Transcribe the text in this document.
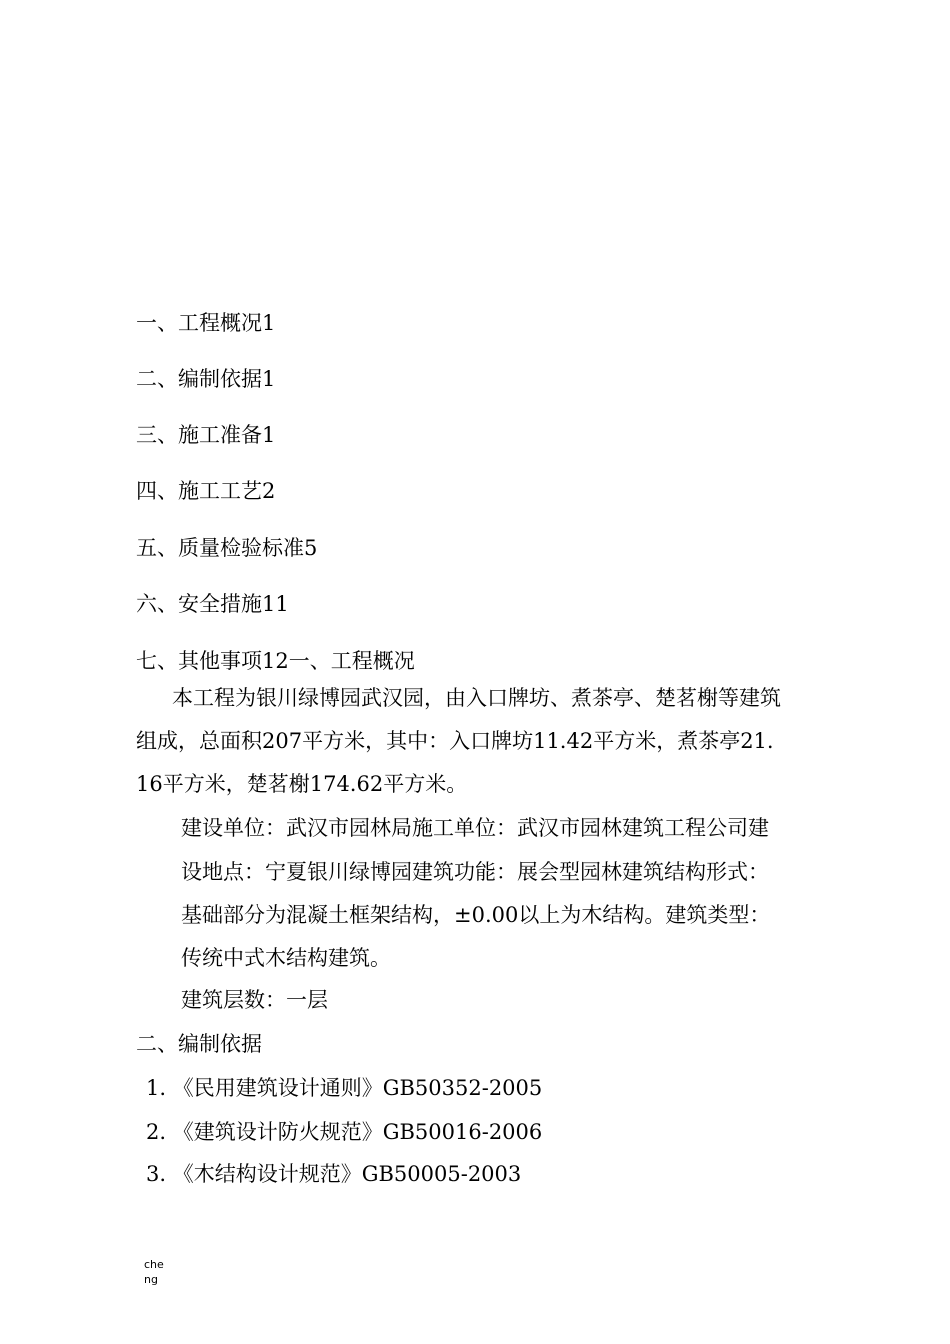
一、工程概况1
二、编制依据1
三、施工准备1
四、施工工艺2
五、质量检验标准5
六、安全措施11
七、其他事项12一、工程概况
本工程为银川绿博园武汉园，由入口牌坊、煮茶亭、楚茗榭等建筑
组成，总面积207平方米，其中：入口牌坊11.42平方米，煮茶亭21.
16平方米，楚茗榭174.62平方米。
建设单位：武汉市园林局施工单位：武汉市园林建筑工程公司建
设地点：宁夏银川绿博园建筑功能：展会型园林建筑结构形式：
基础部分为混凝土框架结构，±0.00以上为木结构。建筑类型：
传统中式木结构建筑。
建筑层数：一层
二、编制依据
1. 《民用建筑设计通则》GB50352-2005
2. 《建筑设计防火规范》GB50016-2006
3. 《木结构设计规范》GB50005-2003
che
ng
